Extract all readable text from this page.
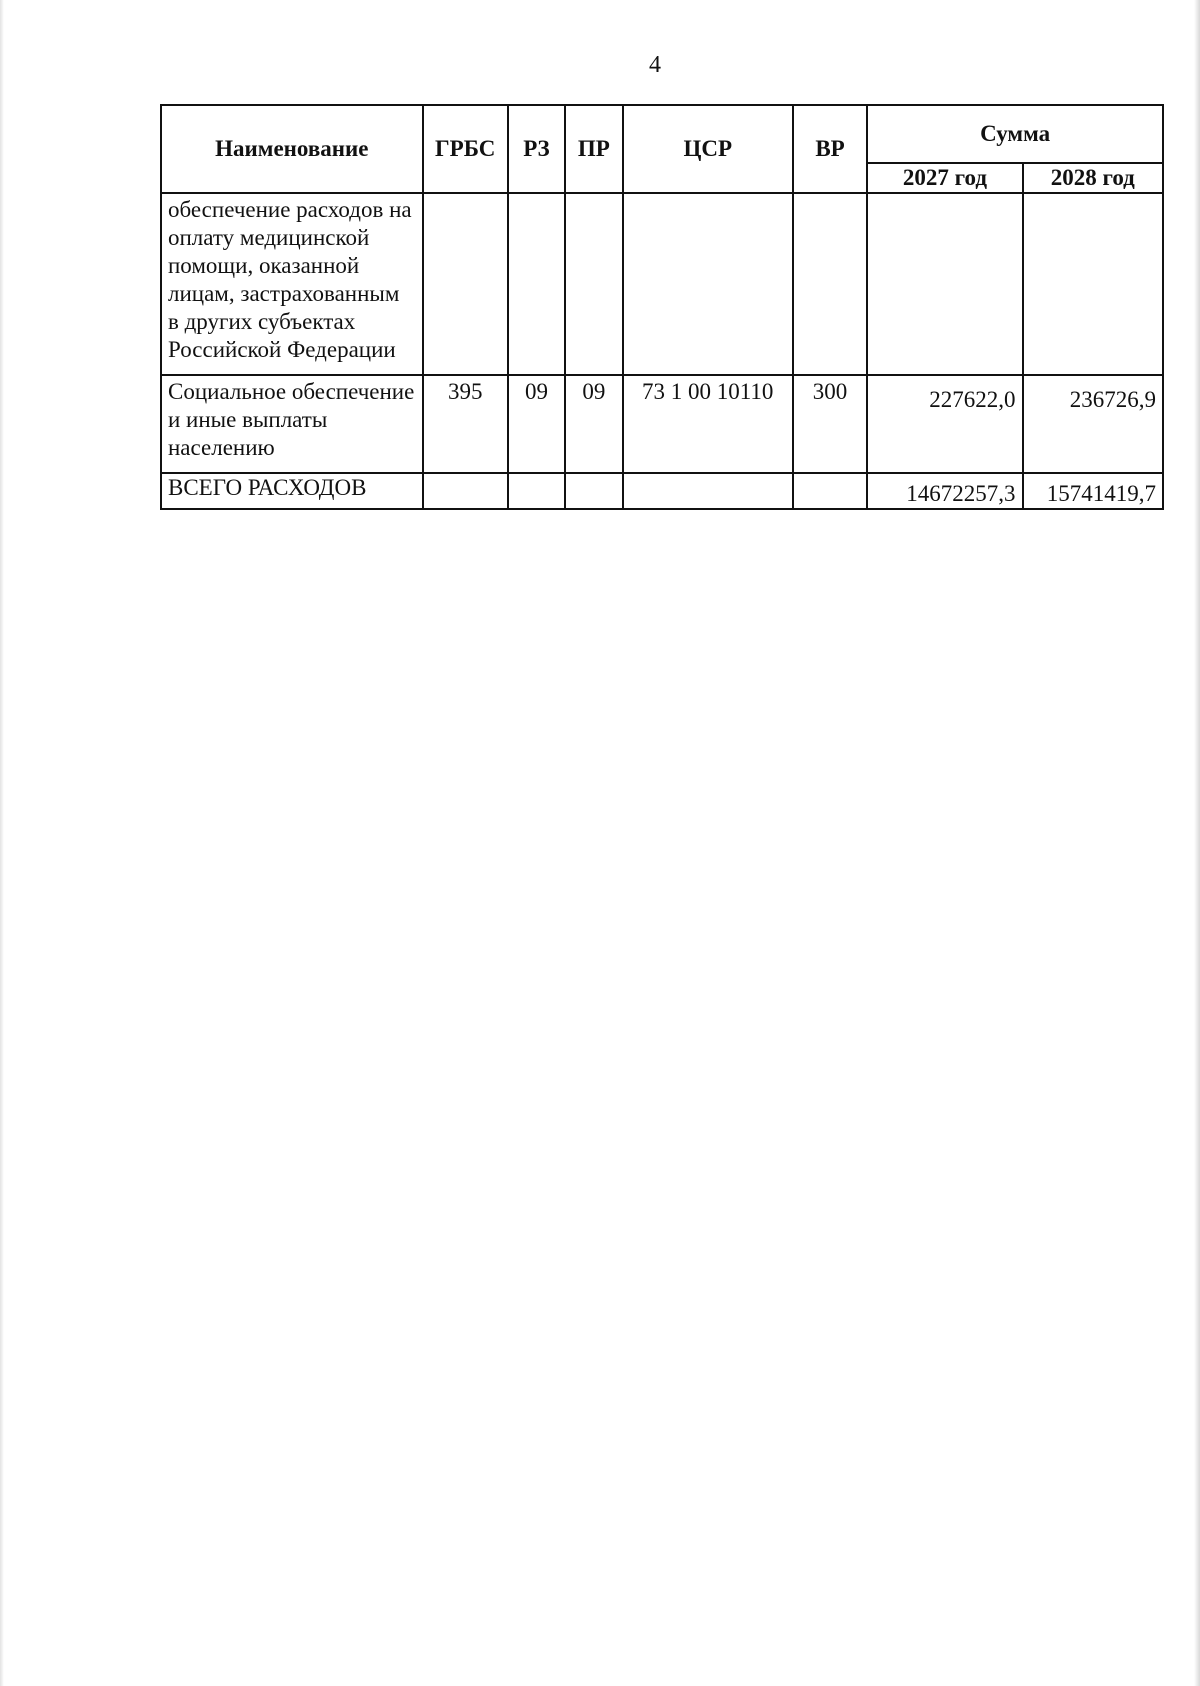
4
Наименование	ГРБС	РЗ	ПР	ЦСР	ВР	Сумма	
						2027 год	2028 год
обеспечение расходов на оплату медицинской помощи, оказанной лицам, застрахованным в других субъектах Российской Федерации							
Социальное обеспечение и иные выплаты населению	395	09	09	73 1 00 10110	300	227622,0	236726,9
ВСЕГО РАСХОДОВ						14672257,3	15741419,7
